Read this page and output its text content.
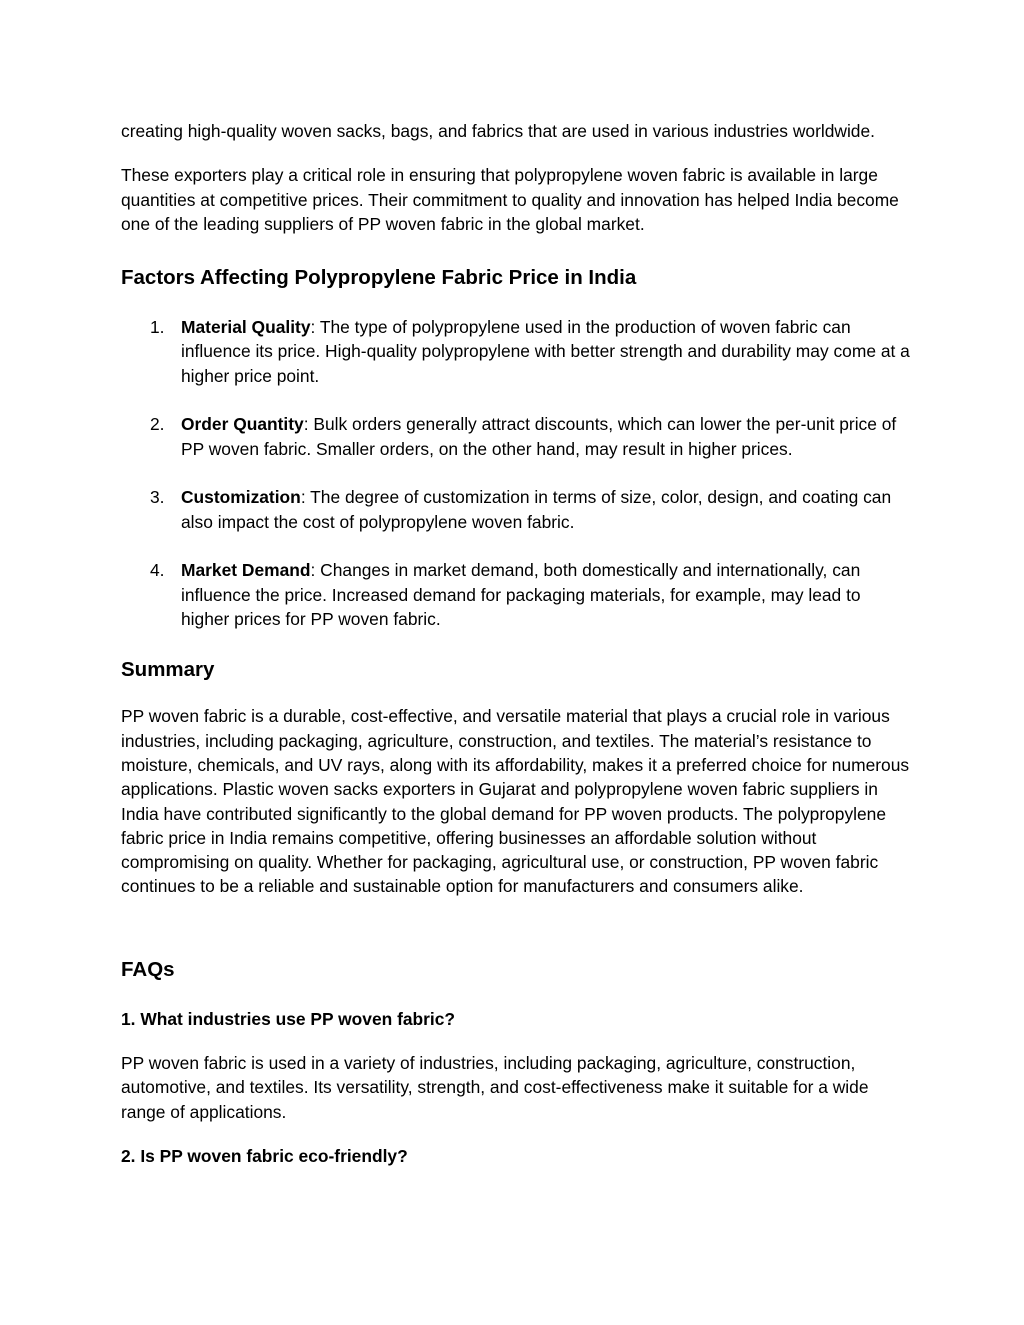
creating high-quality woven sacks, bags, and fabrics that are used in various industries worldwide.

These exporters play a critical role in ensuring that polypropylene woven fabric is available in large quantities at competitive prices. Their commitment to quality and innovation has helped India become one of the leading suppliers of PP woven fabric in the global market.

Factors Affecting Polypropylene Fabric Price in India
1. Material Quality: The type of polypropylene used in the production of woven fabric can influence its price. High-quality polypropylene with better strength and durability may come at a higher price point.
2. Order Quantity: Bulk orders generally attract discounts, which can lower the per-unit price of PP woven fabric. Smaller orders, on the other hand, may result in higher prices.
3. Customization: The degree of customization in terms of size, color, design, and coating can also impact the cost of polypropylene woven fabric.
4. Market Demand: Changes in market demand, both domestically and internationally, can influence the price. Increased demand for packaging materials, for example, may lead to higher prices for PP woven fabric.
Summary

PP woven fabric is a durable, cost-effective, and versatile material that plays a crucial role in various industries, including packaging, agriculture, construction, and textiles. The material’s resistance to moisture, chemicals, and UV rays, along with its affordability, makes it a preferred choice for numerous applications. Plastic woven sacks exporters in Gujarat and polypropylene woven fabric suppliers in India have contributed significantly to the global demand for PP woven products. The polypropylene fabric price in India remains competitive, offering businesses an affordable solution without compromising on quality. Whether for packaging, agricultural use, or construction, PP woven fabric continues to be a reliable and sustainable option for manufacturers and consumers alike.

FAQs

1. What industries use PP woven fabric?

PP woven fabric is used in a variety of industries, including packaging, agriculture, construction, automotive, and textiles. Its versatility, strength, and cost-effectiveness make it suitable for a wide range of applications.

2. Is PP woven fabric eco-friendly?
